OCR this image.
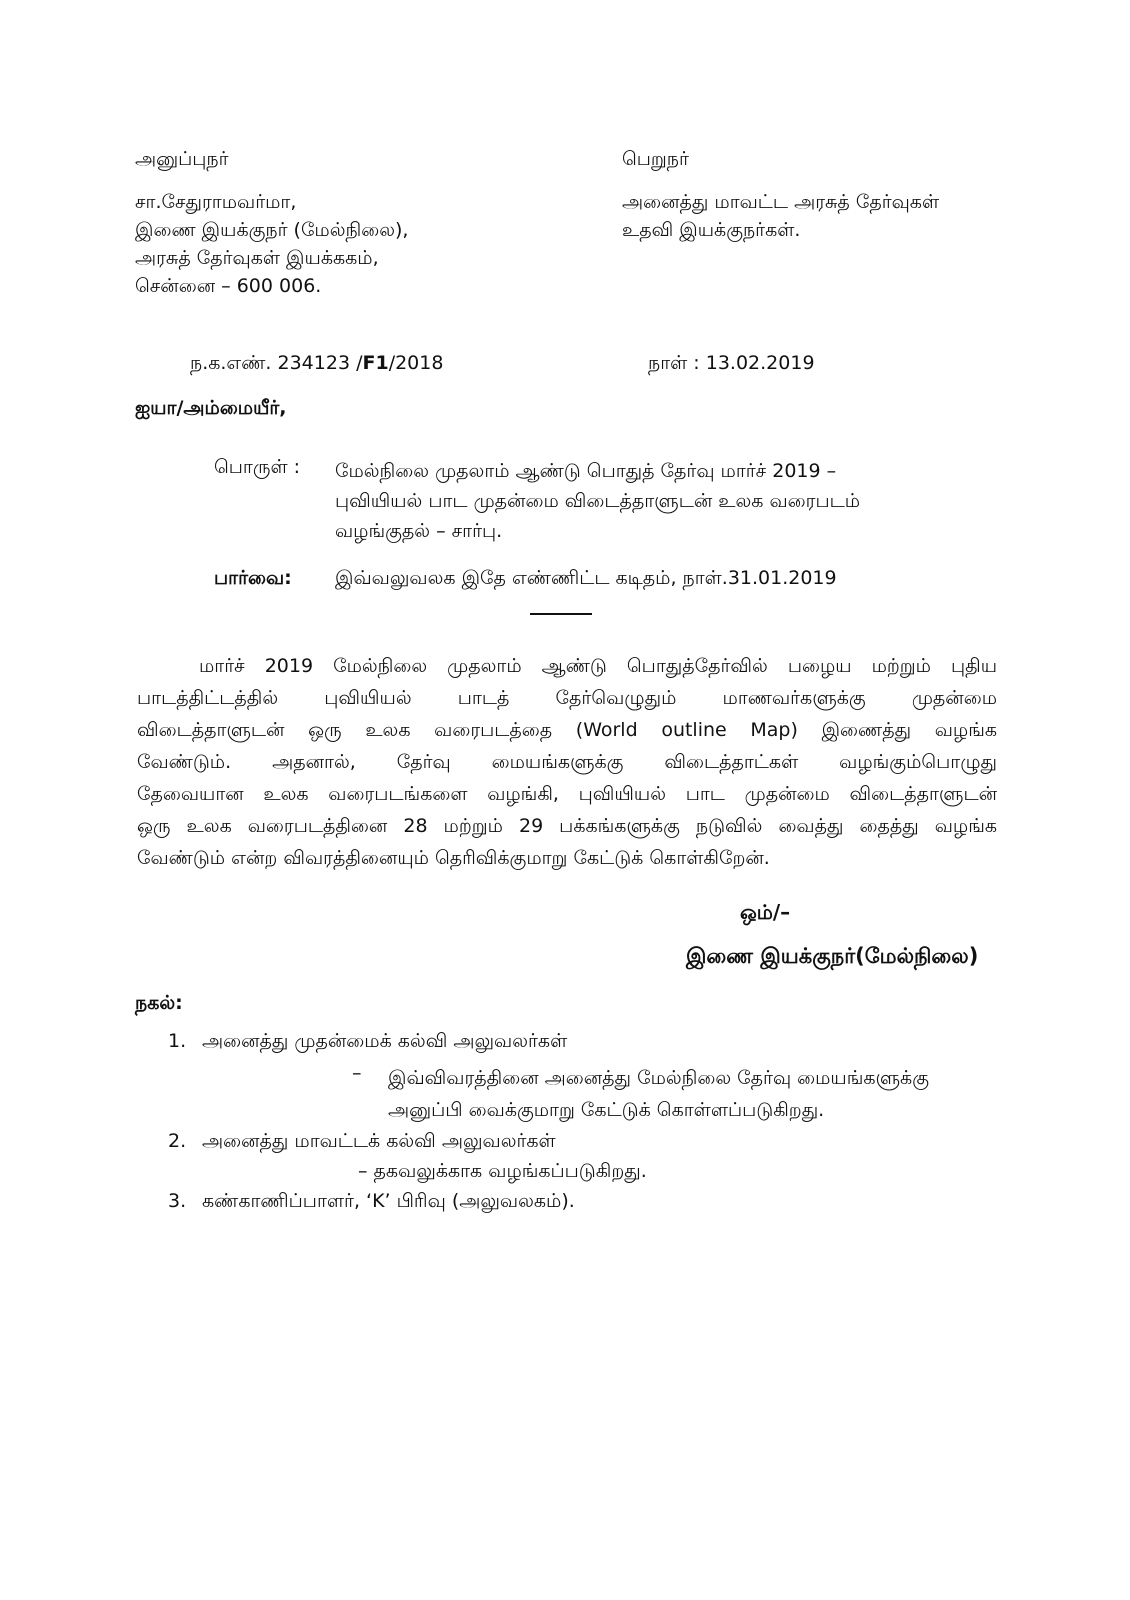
அனுப்புநர்
சா.சேதுராமவர்மா,
இணை இயக்குநர் (மேல்நிலை),
அரசுத் தேர்வுகள் இயக்ககம்,
சென்னை – 600 006.
பெறுநர்
அனைத்து மாவட்ட அரசுத் தேர்வுகள்
உதவி இயக்குநர்கள்.
ந.க.எண். 234123 /F1/2018	நாள் : 13.02.2019
ஐயா/அம்மையீர்,
பொருள் : மேல்நிலை முதலாம் ஆண்டு பொதுத் தேர்வு மார்ச் 2019 –
புவியியல் பாட முதன்மை விடைத்தாளுடன் உலக வரைபடம்
வழங்குதல் – சார்பு.
பார்வை: இவ்வலுவலக இதே எண்ணிட்ட கடிதம், நாள்.31.01.2019
மார்ச் 2019 மேல்நிலை முதலாம் ஆண்டு பொதுத்தேர்வில் பழைய மற்றும் புதிய
பாடத்திட்டத்தில் புவியியல் பாடத் தேர்வெழுதும் மாணவர்களுக்கு முதன்மை
விடைத்தாளுடன் ஒரு உலக வரைபடத்தை (World outline Map) இணைத்து வழங்க
வேண்டும். அதனால், தேர்வு மையங்களுக்கு விடைத்தாட்கள் வழங்கும்பொழுது
தேவையான உலக வரைபடங்களை வழங்கி, புவியியல் பாட முதன்மை விடைத்தாளுடன்
ஒரு உலக வரைபடத்தினை 28 மற்றும் 29 பக்கங்களுக்கு நடுவில் வைத்து தைத்து வழங்க
வேண்டும் என்ற விவரத்தினையும் தெரிவிக்குமாறு கேட்டுக் கொள்கிறேன்.
ஒம்/–
இணை இயக்குநர்(மேல்நிலை)
நகல்:
1. அனைத்து முதன்மைக் கல்வி அலுவலர்கள்
– இவ்விவரத்தினை அனைத்து மேல்நிலை தேர்வு மையங்களுக்கு
அனுப்பி வைக்குமாறு கேட்டுக் கொள்ளப்படுகிறது.
2. அனைத்து மாவட்டக் கல்வி அலுவலர்கள்
– தகவலுக்காக வழங்கப்படுகிறது.
3. கண்காணிப்பாளர், ‘K’ பிரிவு (அலுவலகம்).
